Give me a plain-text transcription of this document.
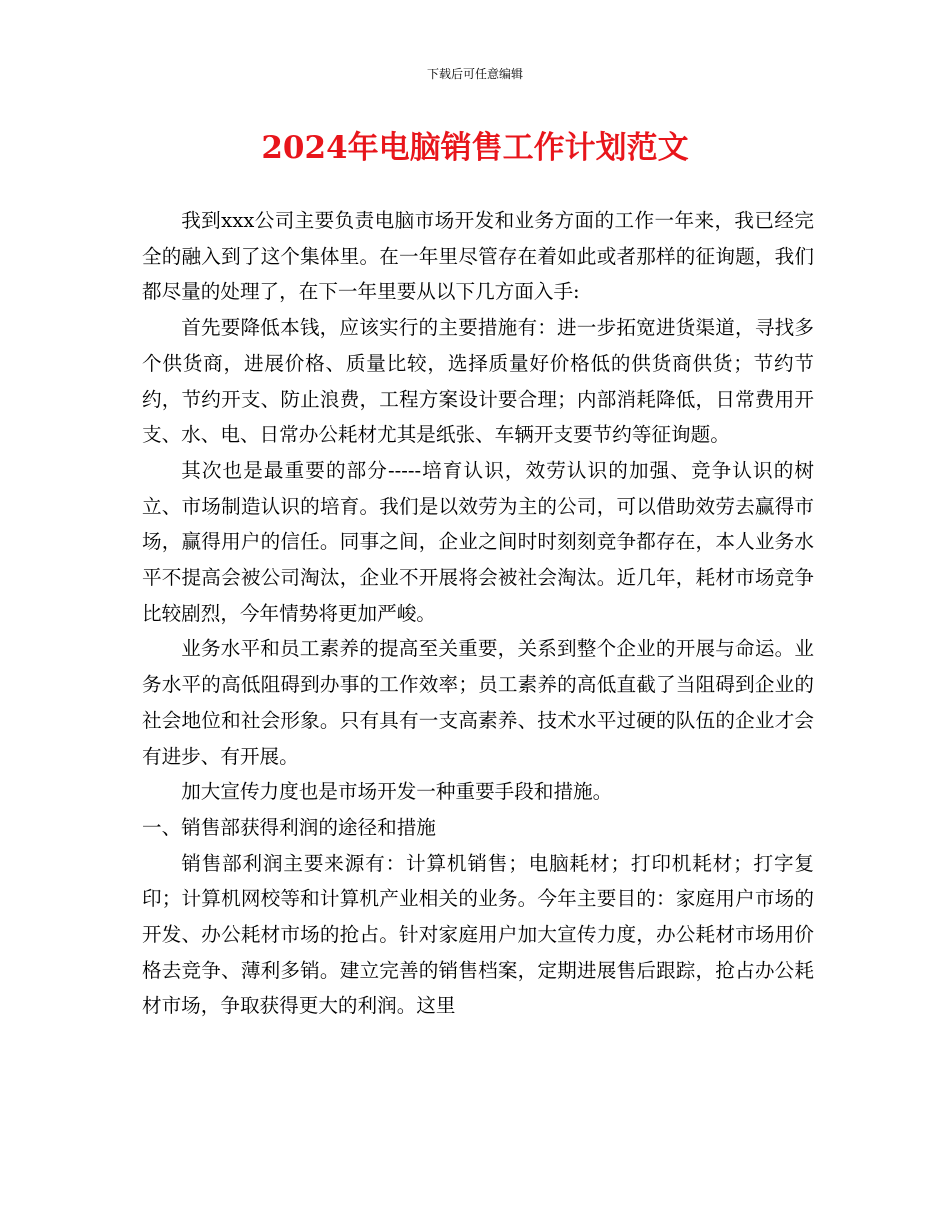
下载后可任意编辑
2024年电脑销售工作计划范文

我到xxx公司主要负责电脑市场开发和业务方面的工作一年来，我已经完全的融入到了这个集体里。在一年里尽管存在着如此或者那样的征询题，我们都尽量的处理了，在下一年里要从以下几方面入手:

首先要降低本钱，应该实行的主要措施有：进一步拓宽进货渠道，寻找多个供货商，进展价格、质量比较，选择质量好价格低的供货商供货；节约节约，节约开支、防止浪费，工程方案设计要合理；内部消耗降低，日常费用开支、水、电、日常办公耗材尤其是纸张、车辆开支要节约等征询题。

其次也是最重要的部分-----培育认识，效劳认识的加强、竞争认识的树立、市场制造认识的培育。我们是以效劳为主的公司，可以借助效劳去赢得市场，赢得用户的信任。同事之间，企业之间时时刻刻竞争都存在，本人业务水平不提高会被公司淘汰，企业不开展将会被社会淘汰。近几年，耗材市场竞争比较剧烈，今年情势将更加严峻。

业务水平和员工素养的提高至关重要，关系到整个企业的开展与命运。业务水平的高低阻碍到办事的工作效率；员工素养的高低直截了当阻碍到企业的社会地位和社会形象。只有具有一支高素养、技术水平过硬的队伍的企业才会有进步、有开展。

加大宣传力度也是市场开发一种重要手段和措施。

一、销售部获得利润的途径和措施

销售部利润主要来源有：计算机销售；电脑耗材；打印机耗材；打字复印；计算机网校等和计算机产业相关的业务。今年主要目的：家庭用户市场的开发、办公耗材市场的抢占。针对家庭用户加大宣传力度，办公耗材市场用价格去竞争、薄利多销。建立完善的销售档案，定期进展售后跟踪，抢占办公耗材市场，争取获得更大的利润。这里
